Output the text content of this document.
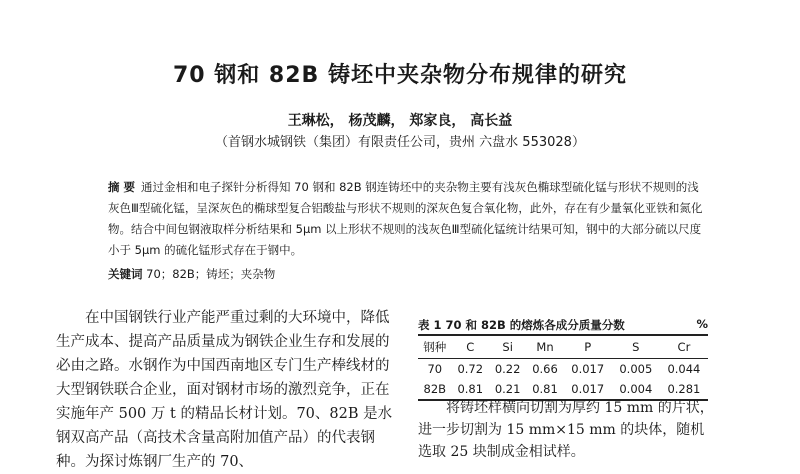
70 钢和 82B 铸坯中夹杂物分布规律的研究
王琳松， 杨茂麟， 郑家良， 高长益
（首钢水城钢铁（集团）有限责任公司，贵州 六盘水 553028）
摘 要 通过金相和电子探针分析得知 70 钢和 82B 钢连铸坯中的夹杂物主要有浅灰色椭球型硫化锰与形状不规则的浅灰色Ⅲ型硫化锰，呈深灰色的椭球型复合铝酸盐与形状不规则的深灰色复合氧化物，此外，存在有少量氧化亚铁和氮化物。结合中间包钢液取样分析结果和 5μm 以上形状不规则的浅灰色Ⅲ型硫化锰统计结果可知，钢中的大部分硫以尺度小于 5μm 的硫化锰形式存在于钢中。
关键词 70；82B；铸坯；夹杂物

在中国钢铁行业产能严重过剩的大环境中，降低生产成本、提高产品质量成为钢铁企业生存和发展的必由之路。水钢作为中国西南地区专门生产棒线材的大型钢铁联合企业，面对钢材市场的激烈竞争，正在实施年产 500 万 t 的精品长材计划。70、82B 是水钢双高产品（高技术含量高附加值产品）的代表钢种。为探讨炼钢厂生产的 70、

表 1 70 和 82B 的熔炼各成分质量分数	%
钢种	C	Si	Mn	P	S	Cr
70	0.72	0.22	0.66	0.017	0.005	0.044
82B	0.81	0.21	0.81	0.017	0.004	0.281

将铸坯样横向切割为厚约 15 mm 的片状，进一步切割为 15 mm×15 mm 的块体，随机选取 25 块制成金相试样。
